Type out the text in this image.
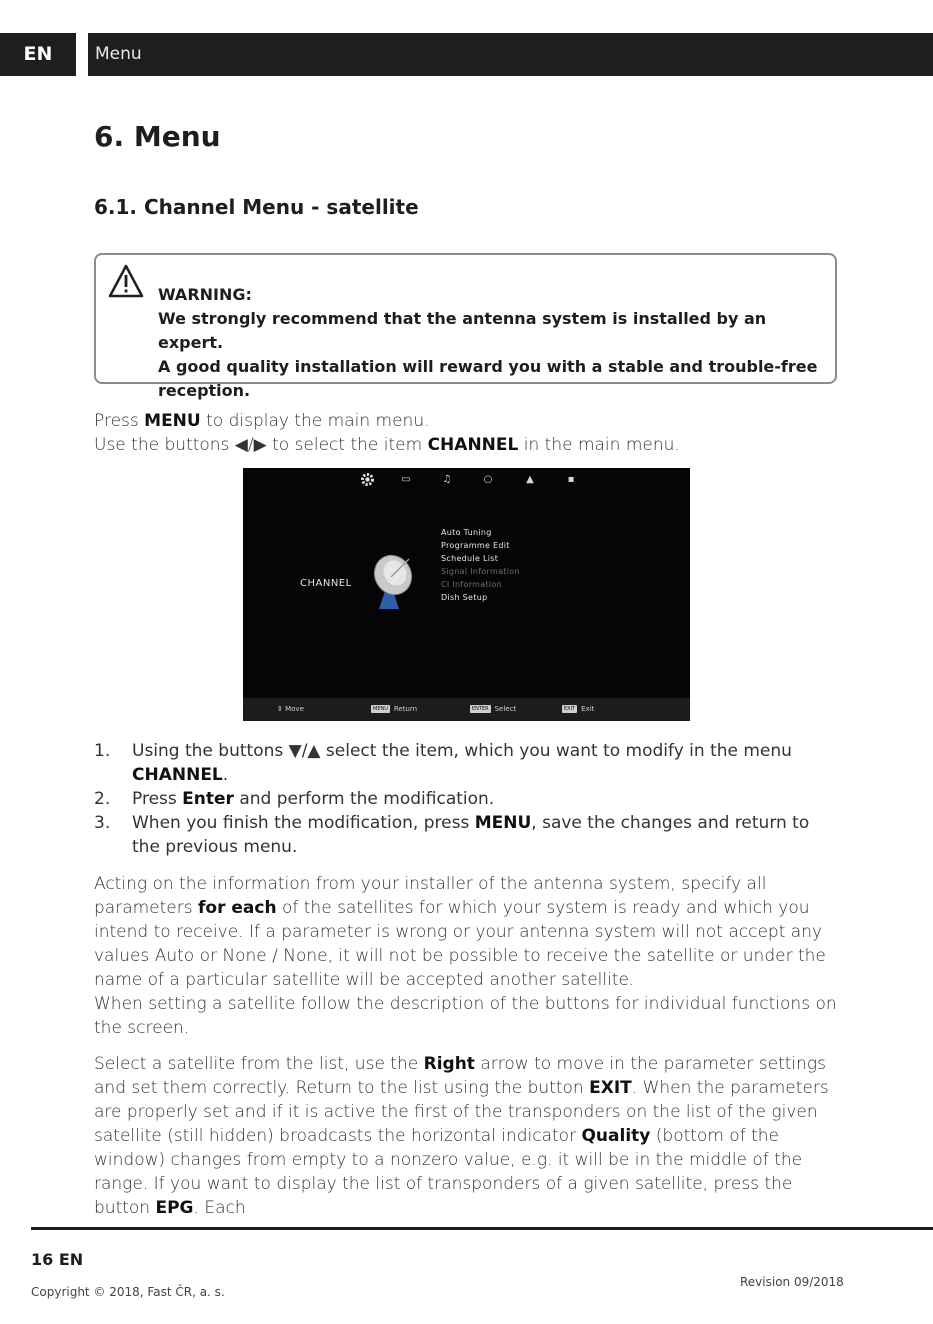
EN	Menu
6. Menu
6.1. Channel Menu - satellite
WARNING:
We strongly recommend that the antenna system is installed by an expert.
A good quality installation will reward you with a stable and trouble-free reception.

Press MENU to display the main menu.
Use the buttons ◀/▶ to select the item CHANNEL in the main menu.

▭	♫	○	▲	▪
CHANNEL
Auto Tuning
Programme Edit
Schedule List
Signal Information
CI Information
Dish Setup
⇕ Move	MENU Return	ENTER Select	EXIT Exit
1. Using the buttons ▼/▲ select the item, which you want to modify in the menu CHANNEL.
2. Press Enter and perform the modification.
3. When you finish the modification, press MENU, save the changes and return to the previous menu.

Acting on the information from your installer of the antenna system, specify all parameters for each of the satellites for which your system is ready and which you intend to receive. If a parameter is wrong or your antenna system will not accept any values Auto or None / None, it will not be possible to receive the satellite or under the name of a particular satellite will be accepted another satellite.
When setting a satellite follow the description of the buttons for individual functions on the screen.

Select a satellite from the list, use the Right arrow to move in the parameter settings and set them correctly. Return to the list using the button EXIT. When the parameters are properly set and if it is active the first of the transponders on the list of the given satellite (still hidden) broadcasts the horizontal indicator Quality (bottom of the window) changes from empty to a nonzero value, e.g. it will be in the middle of the range. If you want to display the list of transponders of a given satellite, press the button EPG. Each

16 EN
Copyright © 2018, Fast ČR, a. s.
Revision 09/2018
